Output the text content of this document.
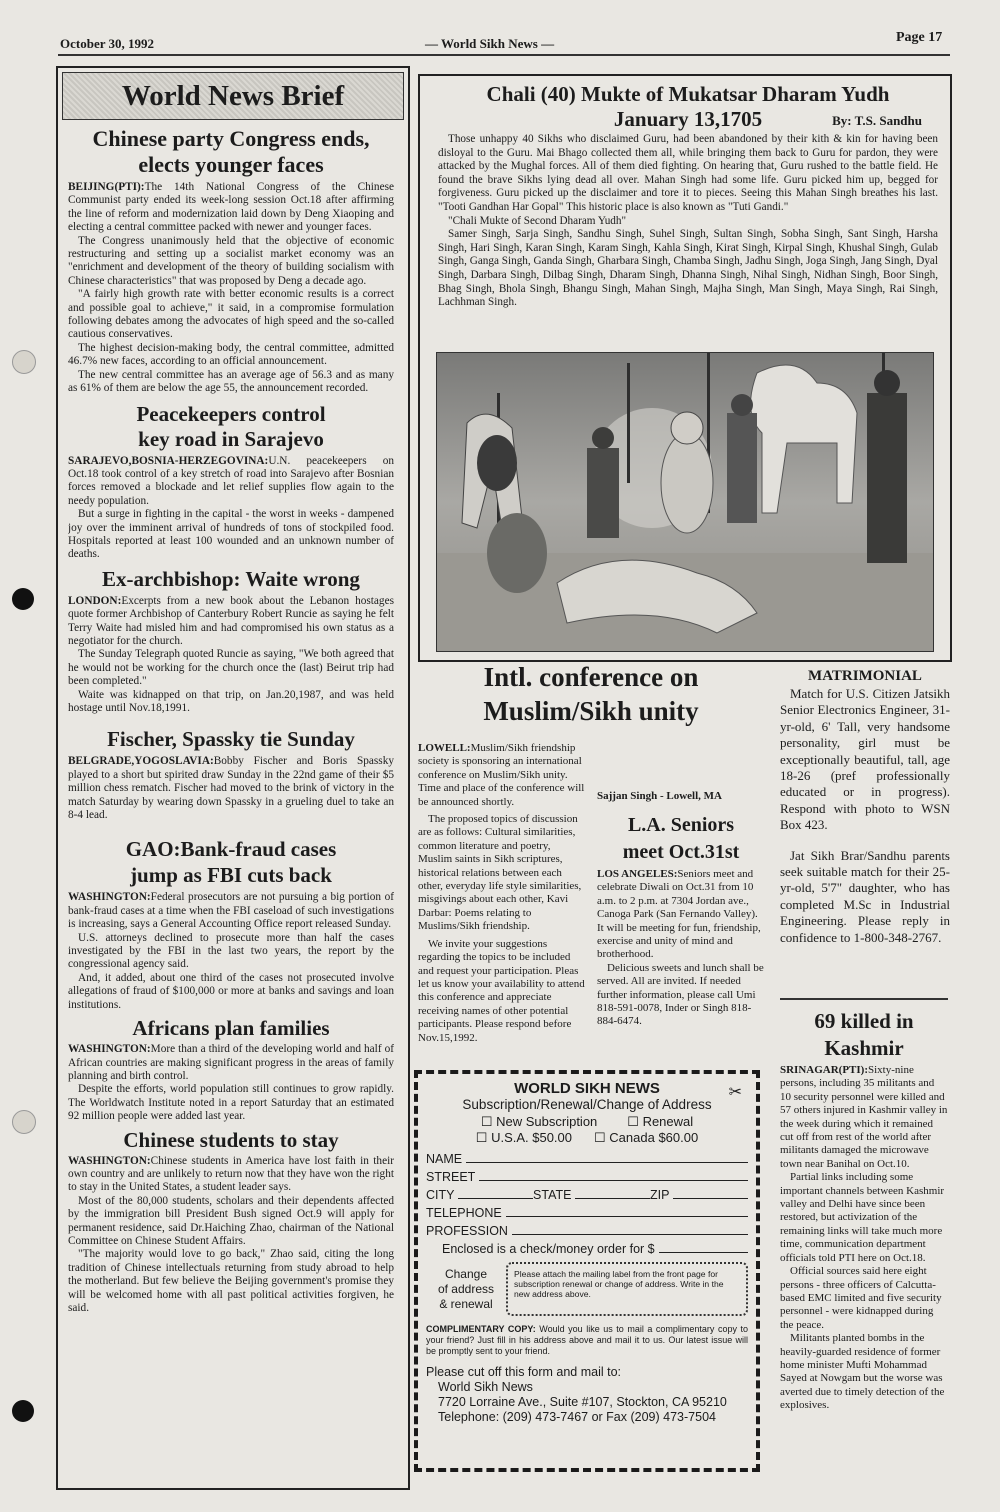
October 30, 1992	— World Sikh News —	Page 17
World News Brief

Chinese party Congress ends,

elects younger faces

BEIJING(PTI):The 14th National Congress of the Chinese Communist party ended its week-long session Oct.18 after affirming the line of reform and modernization laid down by Deng Xiaoping and electing a central committee packed with newer and younger faces.

The Congress unanimously held that the objective of economic restructuring and setting up a socialist market economy was an "enrichment and development of the theory of building socialism with Chinese characteristics" that was proposed by Deng a decade ago.

"A fairly high growth rate with better economic results is a correct and possible goal to achieve," it said, in a compromise formulation following debates among the advocates of high speed and the so-called cautious conservatives.

The highest decision-making body, the central committee, admitted 46.7% new faces, according to an official announcement.

The new central committee has an average age of 56.3 and as many as 61% of them are below the age 55, the announcement recorded.

Peacekeepers control

key road in Sarajevo

SARAJEVO,BOSNIA-HERZEGOVINA:U.N. peacekeepers on Oct.18 took control of a key stretch of road into Sarajevo after Bosnian forces removed a blockade and let relief supplies flow again to the needy population.

But a surge in fighting in the capital - the worst in weeks - dampened joy over the imminent arrival of hundreds of tons of stockpiled food. Hospitals reported at least 100 wounded and an unknown number of deaths.

Ex-archbishop: Waite wrong

LONDON:Excerpts from a new book about the Lebanon hostages quote former Archbishop of Canterbury Robert Runcie as saying he felt Terry Waite had misled him and had compromised his own status as a negotiator for the church.

The Sunday Telegraph quoted Runcie as saying, "We both agreed that he would not be working for the church once the (last) Beirut trip had been completed."

Waite was kidnapped on that trip, on Jan.20,1987, and was held hostage until Nov.18,1991.

Fischer, Spassky tie Sunday

BELGRADE,YOGOSLAVIA:Bobby Fischer and Boris Spassky played to a short but spirited draw Sunday in the 22nd game of their $5 million chess rematch. Fischer had moved to the brink of victory in the match Saturday by wearing down Spassky in a grueling duel to take an 8-4 lead.

GAO:Bank-fraud cases

jump as FBI cuts back

WASHINGTON:Federal prosecutors are not pursuing a big portion of bank-fraud cases at a time when the FBI caseload of such investigations is increasing, says a General Accounting Office report released Sunday.

U.S. attorneys declined to prosecute more than half the cases investigated by the FBI in the last two years, the report by the congressional agency said.

And, it added, about one third of the cases not prosecuted involve allegations of fraud of $100,000 or more at banks and savings and loan institutions.

Africans plan families

WASHINGTON:More than a third of the developing world and half of African countries are making significant progress in the areas of family planning and birth control.

Despite the efforts, world population still continues to grow rapidly. The Worldwatch Institute noted in a report Saturday that an estimated 92 million people were added last year.

Chinese students to stay

WASHINGTON:Chinese students in America have lost faith in their own country and are unlikely to return now that they have won the right to stay in the United States, a student leader says.

Most of the 80,000 students, scholars and their dependents affected by the immigration bill President Bush signed Oct.9 will apply for permanent residence, said Dr.Haiching Zhao, chairman of the National Committee on Chinese Student Affairs.

"The majority would love to go back," Zhao said, citing the long tradition of Chinese intellectuals returning from study abroad to help the motherland. But few believe the Beijing government's promise they will be welcomed home with all past political activities forgiven, he said.

Chali (40) Mukte of Mukatsar Dharam Yudh

January 13,1705	By: T.S. Sandhu

Those unhappy 40 Sikhs who disclaimed Guru, had been abandoned by their kith & kin for having been disloyal to the Guru. Mai Bhago collected them all, while bringing them back to Guru for pardon, they were attacked by the Mughal forces. All of them died fighting. On hearing that, Guru rushed to the battle field. He found the brave Sikhs lying dead all over. Mahan Singh had some life. Guru picked him up, begged for forgiveness. Guru picked up the disclaimer and tore it to pieces. Seeing this Mahan Singh breathes his last. "Tooti Gandhan Har Gopal" This historic place is also known as "Tuti Gandi."

"Chali Mukte of Second Dharam Yudh"

Samer Singh, Sarja Singh, Sandhu Singh, Suhel Singh, Sultan Singh, Sobha Singh, Sant Singh, Harsha Singh, Hari Singh, Karan Singh, Karam Singh, Kahla Singh, Kirat Singh, Kirpal Singh, Khushal Singh, Gulab Singh, Ganga Singh, Ganda Singh, Gharbara Singh, Chamba Singh, Jadhu Singh, Joga Singh, Jang Singh, Dyal Singh, Darbara Singh, Dilbag Singh, Dharam Singh, Dhanna Singh, Nihal Singh, Nidhan Singh, Boor Singh, Bhag Singh, Bhola Singh, Bhangu Singh, Mahan Singh, Majha Singh, Man Singh, Maya Singh, Rai Singh, Lachhman Singh.

Intl. conference on

Muslim/Sikh unity

LOWELL:Muslim/Sikh friendship society is sponsoring an international conference on Muslim/Sikh unity. Time and place of the conference will be announced shortly.

The proposed topics of discussion are as follows: Cultural similarities, common literature and poetry, Muslim saints in Sikh scriptures, historical relations between each other, everyday life style similarities, misgivings about each other, Kavi Darbar: Poems relating to Muslims/Sikh friendship.

We invite your suggestions regarding the topics to be included and request your participation. Pleas let us know your availability to attend this conference and appreciate receiving names of other potential participants. Please respond before Nov.15,1992.

Sajjan Singh - Lowell, MA

L.A. Seniors

meet Oct.31st

LOS ANGELES:Seniors meet and celebrate Diwali on Oct.31 from 10 a.m. to 2 p.m. at 7304 Jordan ave., Canoga Park (San Fernando Valley). It will be meeting for fun, friendship, exercise and unity of mind and brotherhood.

Delicious sweets and lunch shall be served. All are invited. If needed further information, please call Umi 818-591-0078, Inder or Singh 818-884-6474.

MATRIMONIAL

Match for U.S. Citizen Jatsikh Senior Electronics Engineer, 31-yr-old, 6' Tall, very handsome personality, girl must be exceptionally beautiful, tall, age 18-26 (pref professionally educated or in progress). Respond with photo to WSN Box 423.

Jat Sikh Brar/Sandhu parents seek suitable match for their 25-yr-old, 5'7" daughter, who has completed M.Sc in Industrial Engineering. Please reply in confidence to 1-800-348-2767.

69 killed in

Kashmir

SRINAGAR(PTI):Sixty-nine persons, including 35 militants and 10 security personnel were killed and 57 others injured in Kashmir valley in the week during which it remained cut off from rest of the world after militants damaged the microwave town near Banihal on Oct.10.

Partial links including some important channels between Kashmir valley and Delhi have since been restored, but activization of the remaining links will take much more time, communication department officials told PTI here on Oct.18.

Official sources said here eight persons - three officers of Calcutta-based EMC limited and five security personnel - were kidnapped during the peace.

Militants planted bombs in the heavily-guarded residence of former home minister Mufti Mohammad Sayed at Nowgam but the worse was averted due to timely detection of the explosives.

WORLD SIKH NEWS
Subscription/Renewal/Change of Address
☐ New Subscription ☐ Renewal
☐ U.S.A. $50.00 ☐ Canada $60.00
NAME
STREET
CITY	STATE	ZIP
TELEPHONE
PROFESSION
Enclosed is a check/money order for $
Change
of address
& renewal
Please attach the mailing label from the front page for subscription renewal or change of address. Write in the new address above.
COMPLIMENTARY COPY: Would you like us to mail a complimentary copy to your friend? Just fill in his address above and mail it to us. Our latest issue will be promptly sent to your friend.
Please cut off this form and mail to:
World Sikh News
7720 Lorraine Ave., Suite #107, Stockton, CA 95210
Telephone: (209) 473-7467 or Fax (209) 473-7504
✂
